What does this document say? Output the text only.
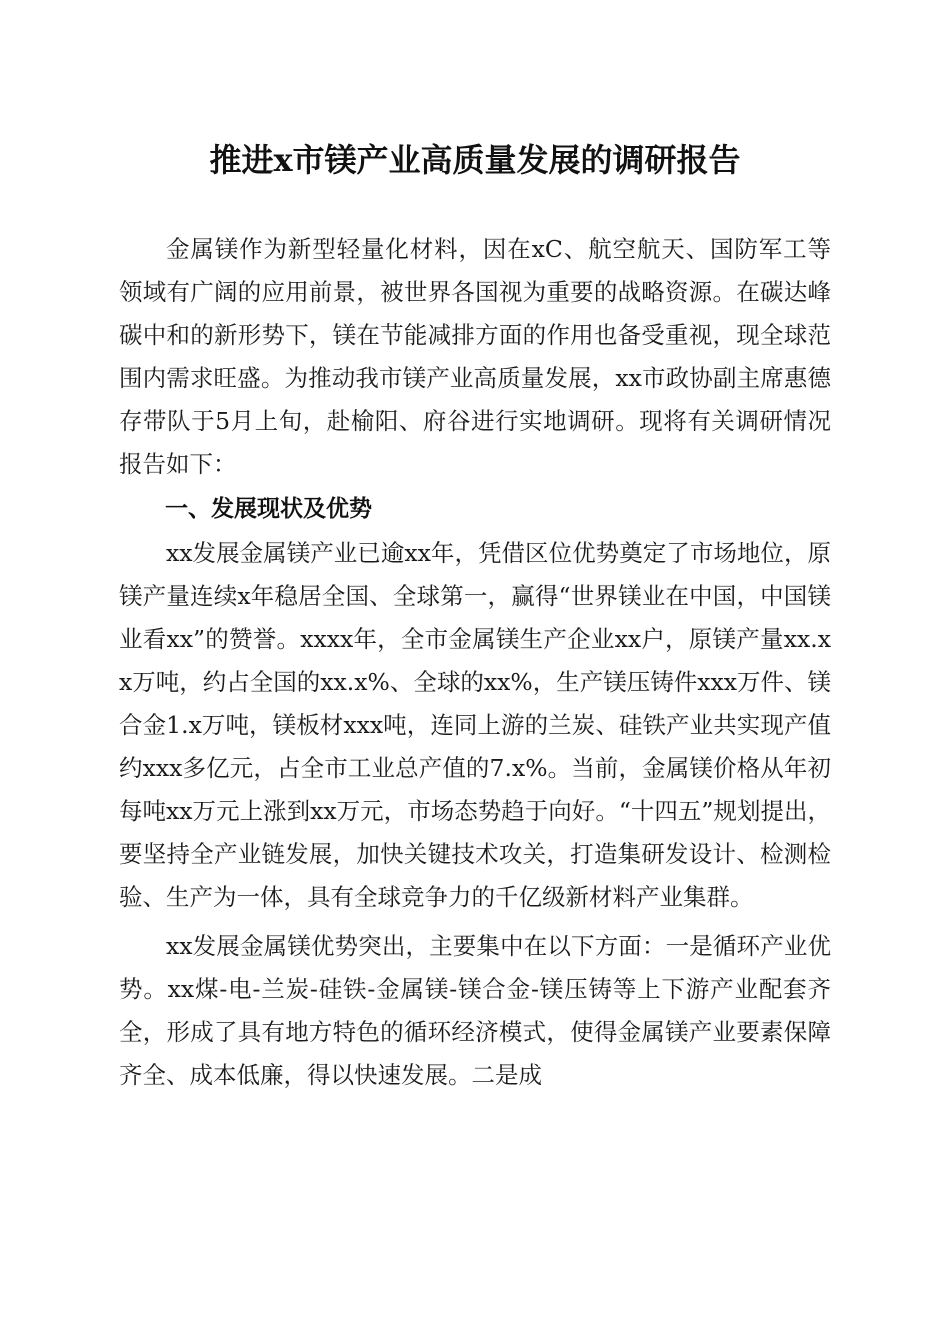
推进x市镁产业高质量发展的调研报告

金属镁作为新型轻量化材料，因在xC、航空航天、国防军工等领域有广阔的应用前景，被世界各国视为重要的战略资源。在碳达峰碳中和的新形势下，镁在节能减排方面的作用也备受重视，现全球范围内需求旺盛。为推动我市镁产业高质量发展，xx市政协副主席惠德存带队于5月上旬，赴榆阳、府谷进行实地调研。现将有关调研情况报告如下：

一、发展现状及优势

xx发展金属镁产业已逾xx年，凭借区位优势奠定了市场地位，原镁产量连续x年稳居全国、全球第一，赢得“世界镁业在中国，中国镁业看xx”的赞誉。xxxx年，全市金属镁生产企业xx户，原镁产量xx.xx万吨，约占全国的xx.x%、全球的xx%，生产镁压铸件xxx万件、镁合金1.x万吨，镁板材xxx吨，连同上游的兰炭、硅铁产业共实现产值约xxx多亿元，占全市工业总产值的7.x%。当前，金属镁价格从年初每吨xx万元上涨到xx万元，市场态势趋于向好。“十四五”规划提出，要坚持全产业链发展，加快关键技术攻关，打造集研发设计、检测检验、生产为一体，具有全球竞争力的千亿级新材料产业集群。

xx发展金属镁优势突出，主要集中在以下方面：一是循环产业优势。xx煤-电-兰炭-硅铁-金属镁-镁合金-镁压铸等上下游产业配套齐全，形成了具有地方特色的循环经济模式，使得金属镁产业要素保障齐全、成本低廉，得以快速发展。二是成
